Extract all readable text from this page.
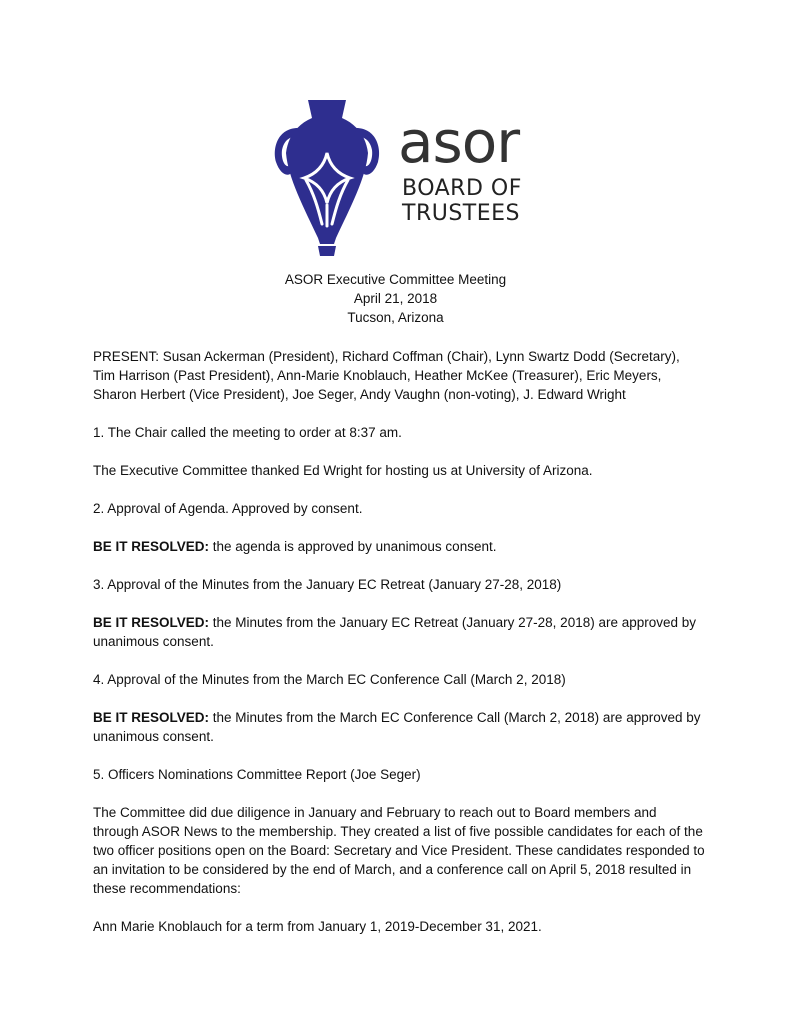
asor
BOARD OF
TRUSTEES
ASOR Executive Committee Meeting
April 21, 2018
Tucson, Arizona

PRESENT: Susan Ackerman (President), Richard Coffman (Chair), Lynn Swartz Dodd (Secretary), Tim Harrison (Past President), Ann-Marie Knoblauch, Heather McKee (Treasurer), Eric Meyers, Sharon Herbert (Vice President), Joe Seger, Andy Vaughn (non-voting), J. Edward Wright

1. The Chair called the meeting to order at 8:37 am.

The Executive Committee thanked Ed Wright for hosting us at University of Arizona.

2. Approval of Agenda. Approved by consent.

BE IT RESOLVED: the agenda is approved by unanimous consent.

3. Approval of the Minutes from the January EC Retreat (January 27-28, 2018)

BE IT RESOLVED: the Minutes from the January EC Retreat (January 27-28, 2018) are approved by unanimous consent.

4. Approval of the Minutes from the March EC Conference Call (March 2, 2018)

BE IT RESOLVED: the Minutes from the March EC Conference Call (March 2, 2018) are approved by unanimous consent.

5. Officers Nominations Committee Report (Joe Seger)

The Committee did due diligence in January and February to reach out to Board members and through ASOR News to the membership. They created a list of five possible candidates for each of the two officer positions open on the Board: Secretary and Vice President. These candidates responded to an invitation to be considered by the end of March, and a conference call on April 5, 2018 resulted in these recommendations:

Ann Marie Knoblauch for a term from January 1, 2019-December 31, 2021.
